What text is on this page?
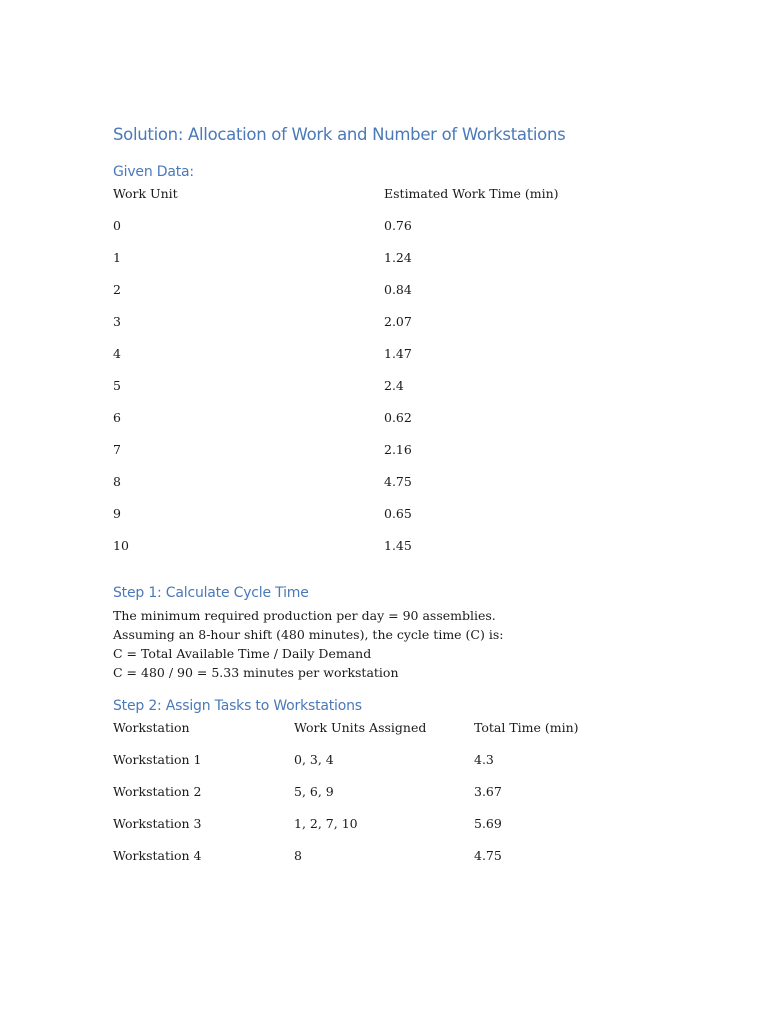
Solution: Allocation of Work and Number of Workstations
Given Data:
Work Unit	Estimated Work Time (min)
0	0.76
1	1.24
2	0.84
3	2.07
4	1.47
5	2.4
6	0.62
7	2.16
8	4.75
9	0.65
10	1.45
Step 1: Calculate Cycle Time
The minimum required production per day = 90 assemblies.
Assuming an 8-hour shift (480 minutes), the cycle time (C) is:
C = Total Available Time / Daily Demand
C = 480 / 90 = 5.33 minutes per workstation
Step 2: Assign Tasks to Workstations
Workstation	Work Units Assigned	Total Time (min)
Workstation 1	0, 3, 4	4.3
Workstation 2	5, 6, 9	3.67
Workstation 3	1, 2, 7, 10	5.69
Workstation 4	8	4.75
